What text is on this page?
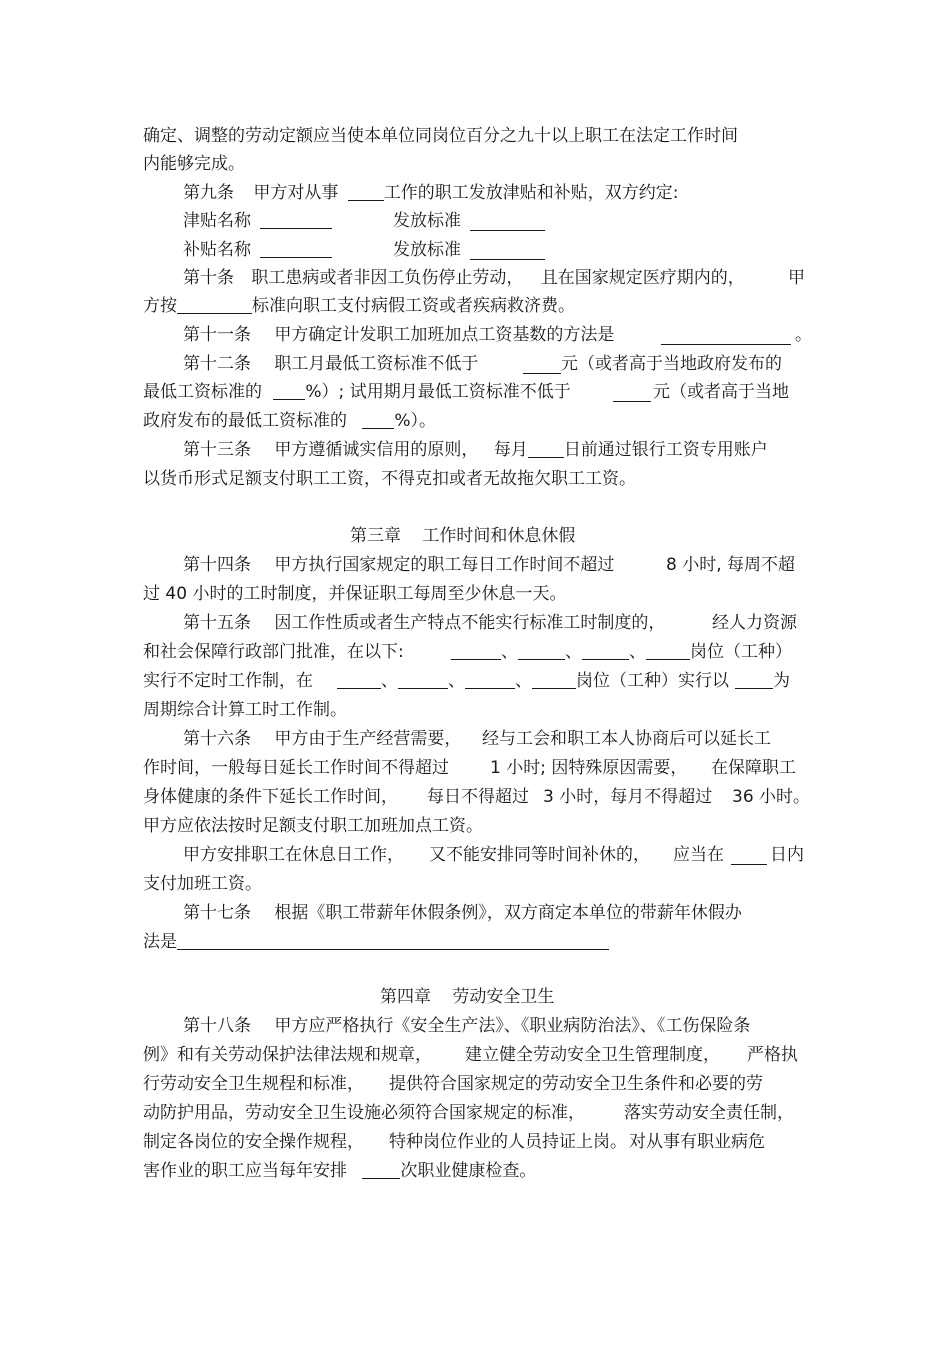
确定、调整的劳动定额应当使本单位同岗位百分之九十以上职工在法定工作时间
内能够完成。
第九条 甲方对从事	工作的职工发放津贴和补贴，双方约定:
津贴名称	发放标准
补贴名称	发放标准
第十条 职工患病或者非因工负伤停止劳动， 且在国家规定医疗期内的，	甲
方按	标准向职工支付病假工资或者疾病救济费。
第十一条 甲方确定计发职工加班加点工资基数的方法是	。
第十二条 职工月最低工资标准不低于	元（或者高于当地政府发布的
最低工资标准的	%）; 试用期月最低工资标准不低于	元（或者高于当地
政府发布的最低工资标准的	%）。
第十三条 甲方遵循诚实信用的原则， 每月 日前通过银行工资专用账户
以货币形式足额支付职工工资，不得克扣或者无故拖欠职工工资。
第三章 工作时间和休息休假
第十四条 甲方执行国家规定的职工每日工作时间不超过	8 小时, 每周不超
过 40 小时的工时制度，并保证职工每周至少休息一天。
第十五条 因工作性质或者生产特点不能实行标准工时制度的，	经人力资源
和社会保障行政部门批准，在以下:	、	、	、	岗位（工种）
实行不定时工作制，在	、	、	、	岗位（工种）实行以	为
周期综合计算工时工作制。
第十六条 甲方由于生产经营需要， 经与工会和职工本人协商后可以延长工
作时间，一般每日延长工作时间不得超过 1 小时; 因特殊原因需要， 在保障职工
身体健康的条件下延长工作时间， 每日不得超过 3 小时，每月不得超过 36 小时。
甲方应依法按时足额支付职工加班加点工资。
甲方安排职工在休息日工作， 又不能安排同等时间补休的， 应当在	日内
支付加班工资。
第十七条 根据《职工带薪年休假条例》，双方商定本单位的带薪年休假办
法是
第四章 劳动安全卫生
第十八条 甲方应严格执行《安全生产法》、《职业病防治法》、《工伤保险条
例》和有关劳动保护法律法规和规章， 建立健全劳动安全卫生管理制度， 严格执
行劳动安全卫生规程和标准， 提供符合国家规定的劳动安全卫生条件和必要的劳
动防护用品，劳动安全卫生设施必须符合国家规定的标准， 落实劳动安全责任制，
制定各岗位的安全操作规程， 特种岗位作业的人员持证上岗。 对从事有职业病危
害作业的职工应当每年安排	次职业健康检查。
